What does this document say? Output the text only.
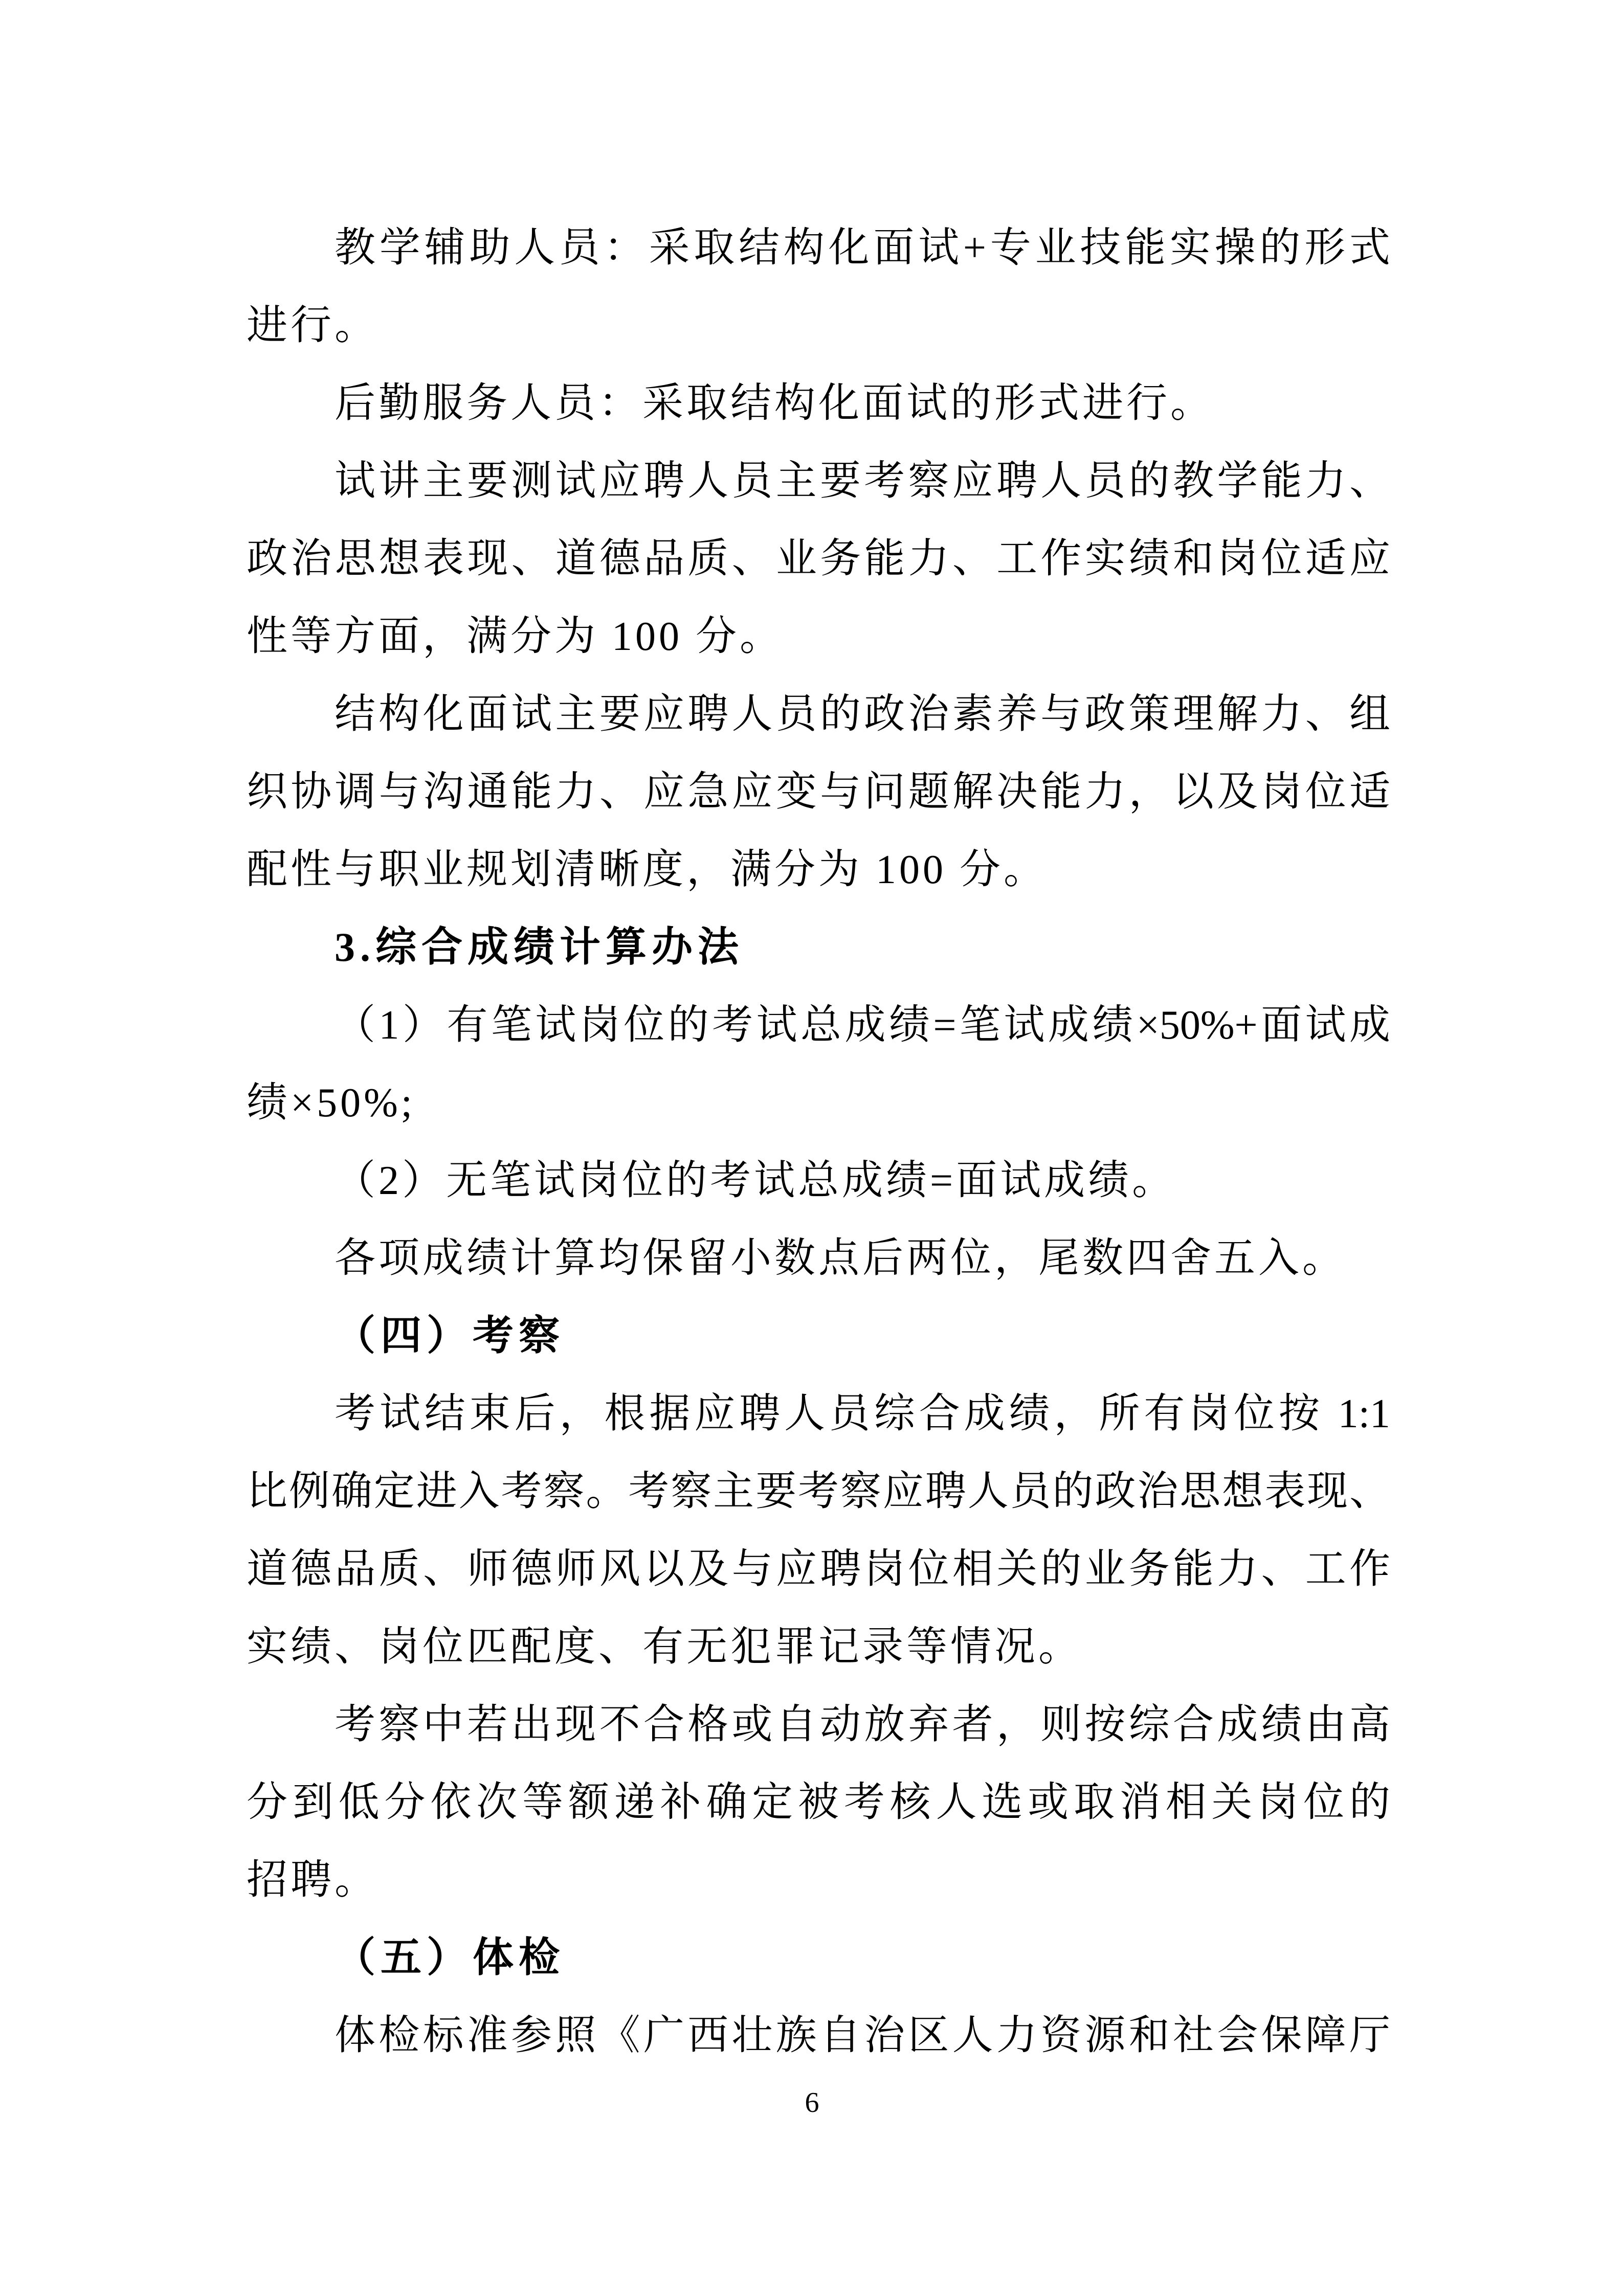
教学辅助人员：采取结构化面试+专业技能实操的形式
进行。
后勤服务人员：采取结构化面试的形式进行。
试讲主要测试应聘人员主要考察应聘人员的教学能力、
政治思想表现、道德品质、业务能力、工作实绩和岗位适应
性等方面，满分为 100 分。
结构化面试主要应聘人员的政治素养与政策理解力、组
织协调与沟通能力、应急应变与问题解决能力，以及岗位适
配性与职业规划清晰度，满分为 100 分。
3.综合成绩计算办法
（1）有笔试岗位的考试总成绩=笔试成绩×50%+面试成
绩×50%;
（2）无笔试岗位的考试总成绩=面试成绩。
各项成绩计算均保留小数点后两位，尾数四舍五入。
（四）考察
考试结束后，根据应聘人员综合成绩，所有岗位按 1:1
比例确定进入考察。考察主要考察应聘人员的政治思想表现、
道德品质、师德师风以及与应聘岗位相关的业务能力、工作
实绩、岗位匹配度、有无犯罪记录等情况。
考察中若出现不合格或自动放弃者，则按综合成绩由高
分到低分依次等额递补确定被考核人选或取消相关岗位的
招聘。
（五）体检
体检标准参照《广西壮族自治区人力资源和社会保障厅
6
